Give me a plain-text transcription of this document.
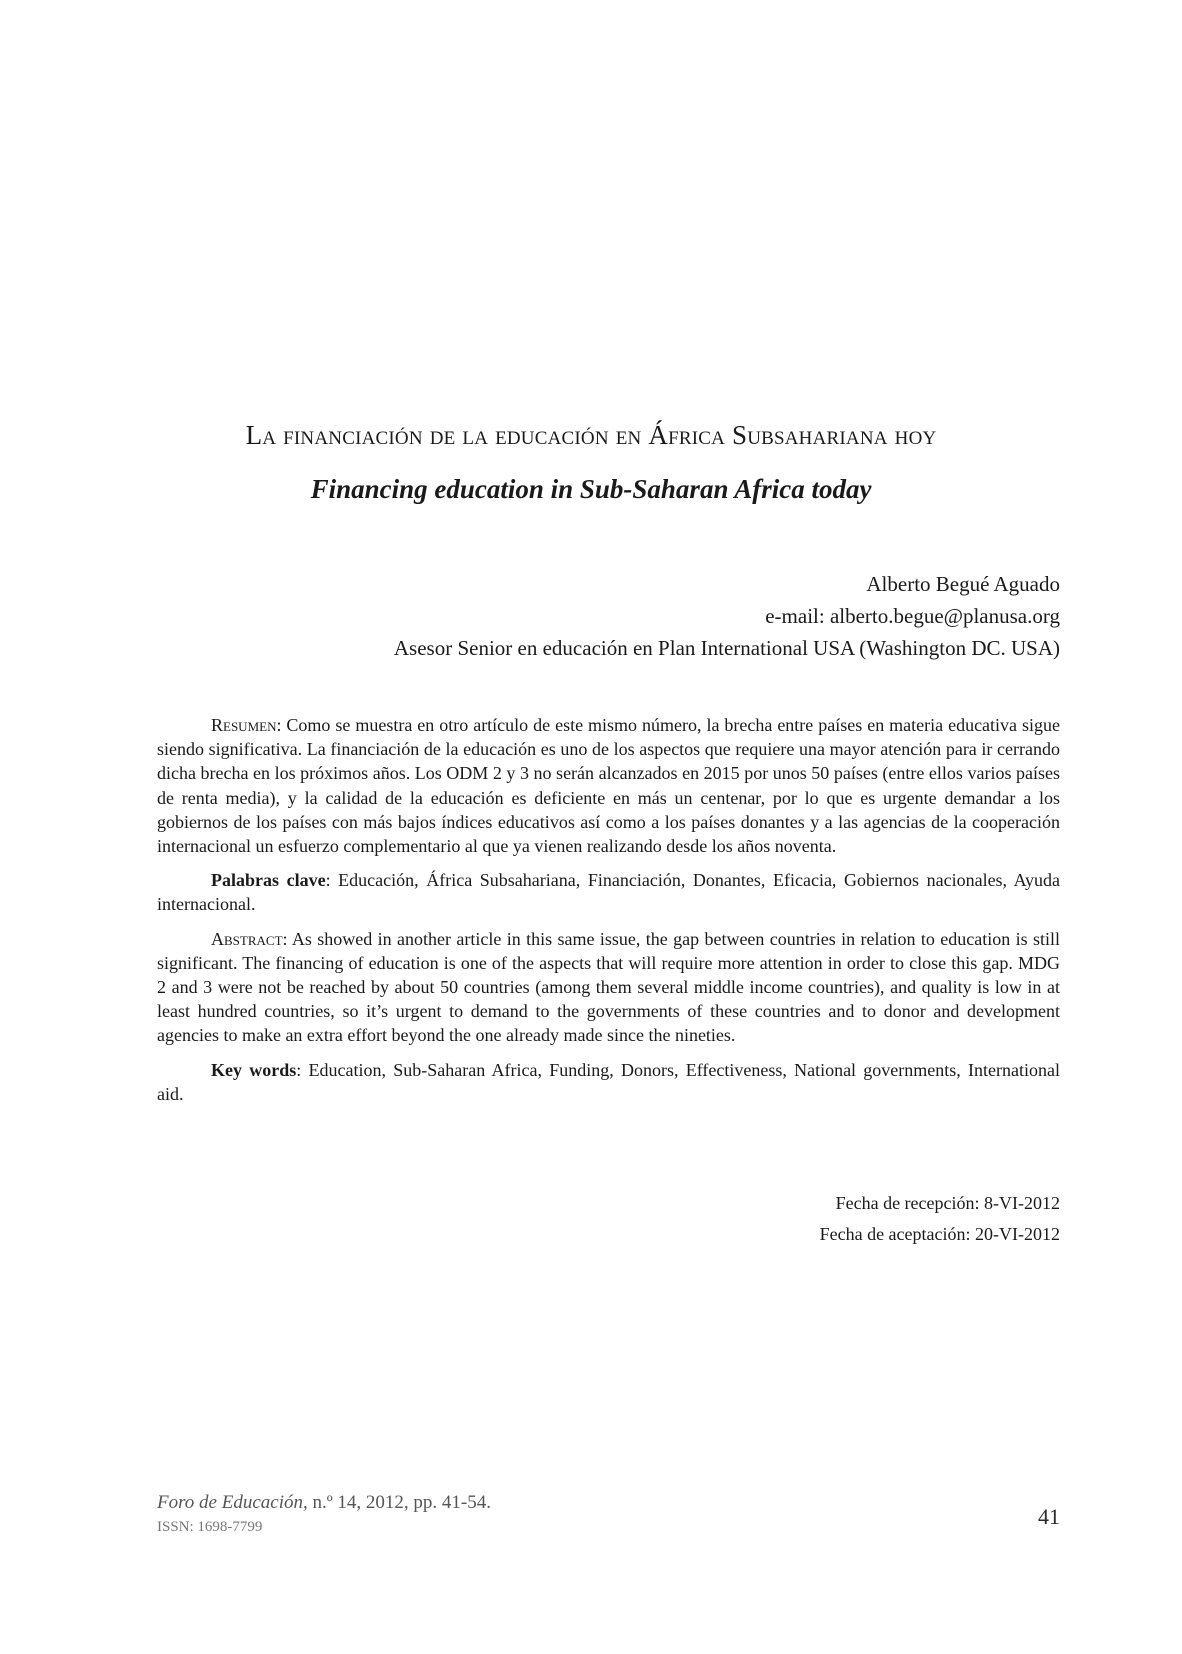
La financiación de la educación en África Subsahariana hoy
Financing education in Sub-Saharan Africa today
Alberto Begué Aguado
e-mail: alberto.begue@planusa.org
Asesor Senior en educación en Plan International USA (Washington DC. USA)

Resumen: Como se muestra en otro artículo de este mismo número, la brecha entre países en materia educativa sigue siendo significativa. La financiación de la educación es uno de los aspectos que requiere una mayor atención para ir cerrando dicha brecha en los próximos años. Los ODM 2 y 3 no serán alcanzados en 2015 por unos 50 países (entre ellos varios países de renta media), y la calidad de la educación es deficiente en más un centenar, por lo que es urgente demandar a los gobiernos de los países con más bajos índices educativos así como a los países donantes y a las agencias de la cooperación internacional un esfuerzo complementario al que ya vienen realizando desde los años noventa.

Palabras clave: Educación, África Subsahariana, Financiación, Donantes, Eficacia, Gobiernos nacionales, Ayuda internacional.

Abstract: As showed in another article in this same issue, the gap between countries in relation to education is still significant. The financing of education is one of the aspects that will require more attention in order to close this gap. MDG 2 and 3 were not be reached by about 50 countries (among them several middle income countries), and quality is low in at least hundred countries, so it’s urgent to demand to the governments of these countries and to donor and development agencies to make an extra effort beyond the one already made since the nineties.

Key words: Education, Sub-Saharan Africa, Funding, Donors, Effectiveness, National governments, International aid.

Fecha de recepción: 8-VI-2012
Fecha de aceptación: 20-VI-2012
Foro de Educación, n.º 14, 2012, pp. 41-54.
ISSN: 1698-7799	41
